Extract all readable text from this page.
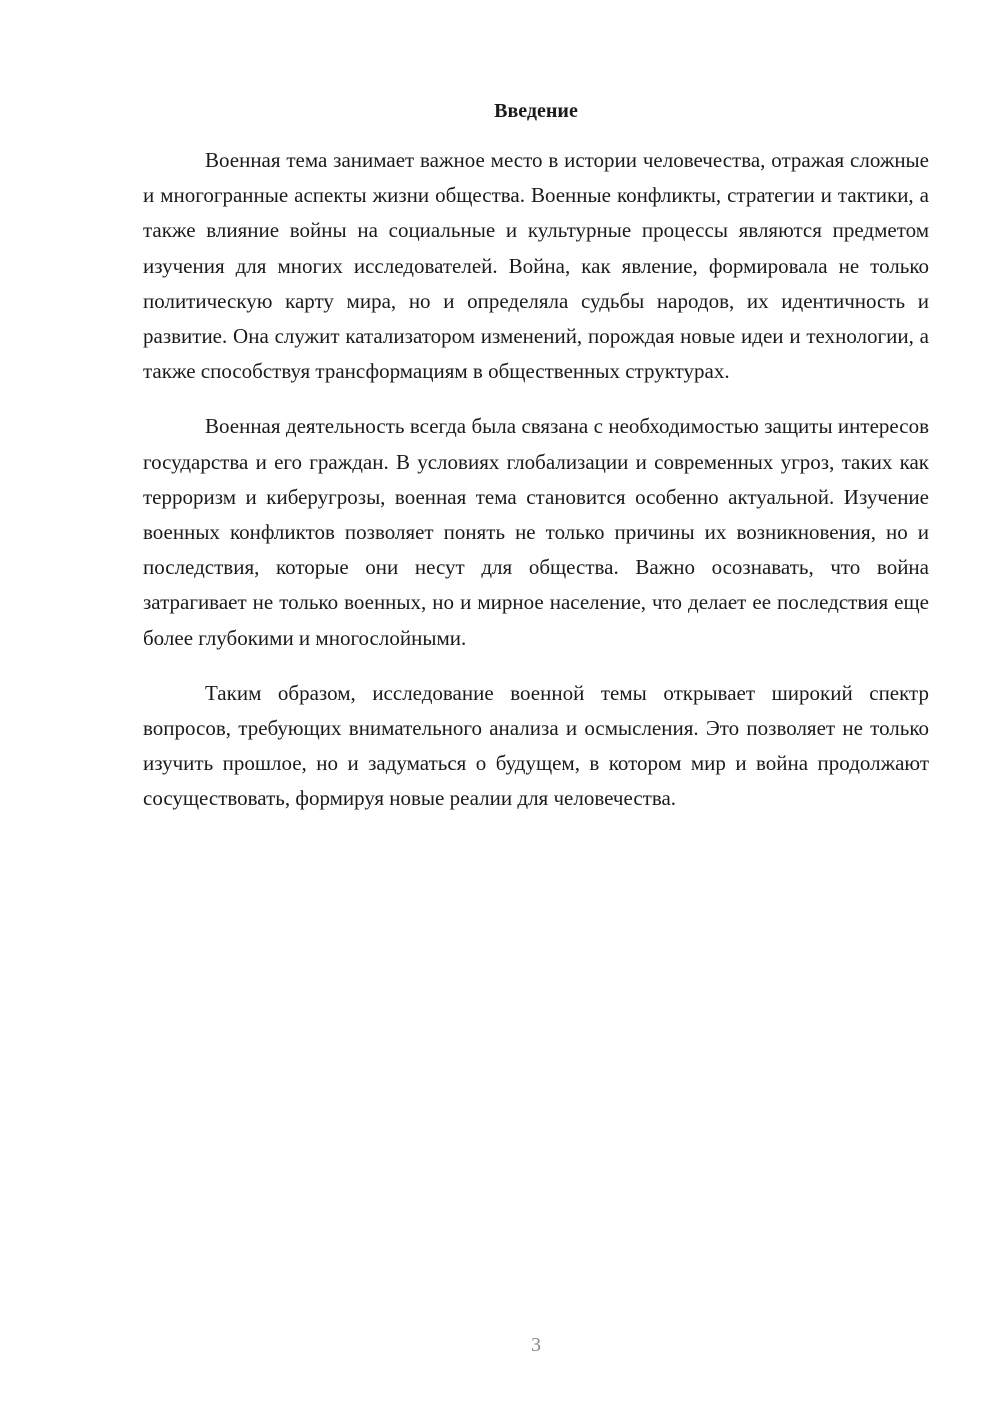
Введение

Военная тема занимает важное место в истории человечества, отражая сложные и многогранные аспекты жизни общества. Военные конфликты, стратегии и тактики, а также влияние войны на социальные и культурные процессы являются предметом изучения для многих исследователей. Война, как явление, формировала не только политическую карту мира, но и определяла судьбы народов, их идентичность и развитие. Она служит катализатором изменений, порождая новые идеи и технологии, а также способствуя трансформациям в общественных структурах.

Военная деятельность всегда была связана с необходимостью защиты интересов государства и его граждан. В условиях глобализации и современных угроз, таких как терроризм и киберугрозы, военная тема становится особенно актуальной. Изучение военных конфликтов позволяет понять не только причины их возникновения, но и последствия, которые они несут для общества. Важно осознавать, что война затрагивает не только военных, но и мирное население, что делает ее последствия еще более глубокими и многослойными.

Таким образом, исследование военной темы открывает широкий спектр вопросов, требующих внимательного анализа и осмысления. Это позволяет не только изучить прошлое, но и задуматься о будущем, в котором мир и война продолжают сосуществовать, формируя новые реалии для человечества.

3
